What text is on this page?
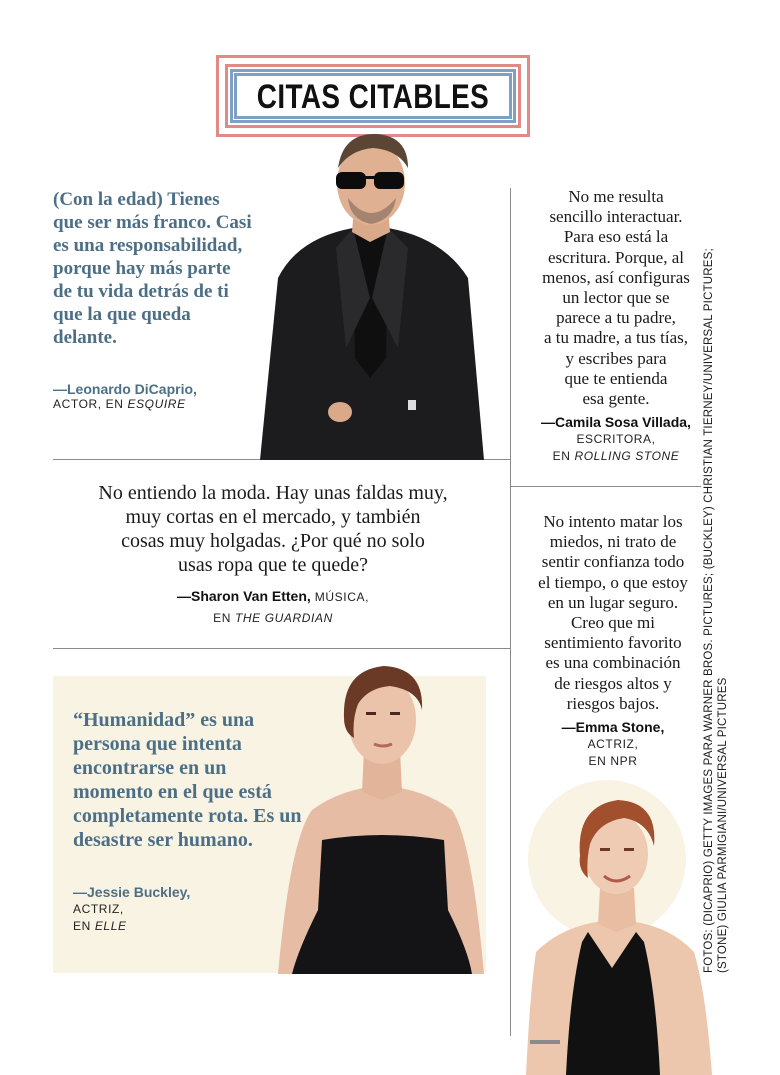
CITAS CITABLES
(Con la edad) Tienes que ser más franco. Casi es una responsabilidad, porque hay más parte de tu vida detrás de ti que la que queda delante.
—Leonardo DiCaprio,
ACTOR, EN ESQUIRE
No me resulta
sencillo interactuar.
Para eso está la
escritura. Porque, al
menos, así configuras
un lector que se
parece a tu padre,
a tu madre, a tus tías,
y escribes para
que te entienda
esa gente.
—Camila Sosa Villada,
ESCRITORA,
EN ROLLING STONE
No entiendo la moda. Hay unas faldas muy,
muy cortas en el mercado, y también
cosas muy holgadas. ¿Por qué no solo
usas ropa que te quede?
—Sharon Van Etten, MÚSICA,
EN THE GUARDIAN
No intento matar los
miedos, ni trato de
sentir confianza todo
el tiempo, o que estoy
en un lugar seguro.
Creo que mi
sentimiento favorito
es una combinación
de riesgos altos y
riesgos bajos.
—Emma Stone,
ACTRIZ,
EN NPR
“Humanidad” es una persona que intenta encontrarse en un momento en el que está completamente rota. Es un desastre ser humano.
—Jessie Buckley,
ACTRIZ,
EN ELLE	FOTOS: (DICAPRIO) GETTY IMAGES PARA WARNER BROS. PICTURES; (BUCKLEY) CHRISTIAN TIERNEY/UNIVERSAL PICTURES; (STONE) GIULIA PARMIGIANI/UNIVERSAL PICTURES
